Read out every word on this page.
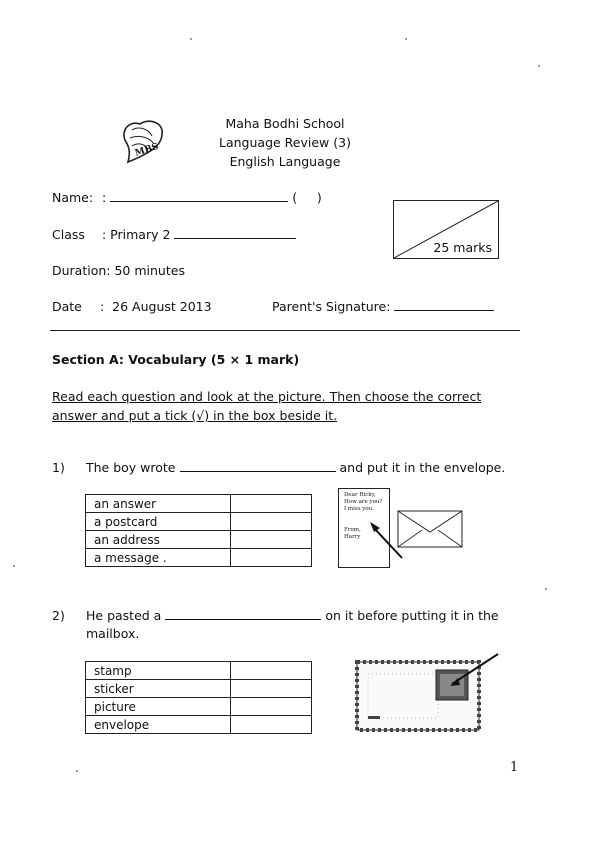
MBS
Maha Bodhi School
Language Review (3)
English Language
Name: :	(     )
Class : Primary 2
Duration: 50 minutes
Date :  26 August 2013	Parent's Signature:
25 marks
Section A: Vocabulary (5 × 1 mark)
Read each question and look at the picture. Then choose the correct
answer and put a tick (√) in the box beside it.
1) The boy wrote	and put it in the envelope.
an answer	
a postcard	
an address	
a message .	
Dear Ricky,
How are you?
I miss you.
From,
Harry
2) He pasted a	on it before putting it in the
mailbox.
stamp	
sticker	
picture	
envelope	
1
